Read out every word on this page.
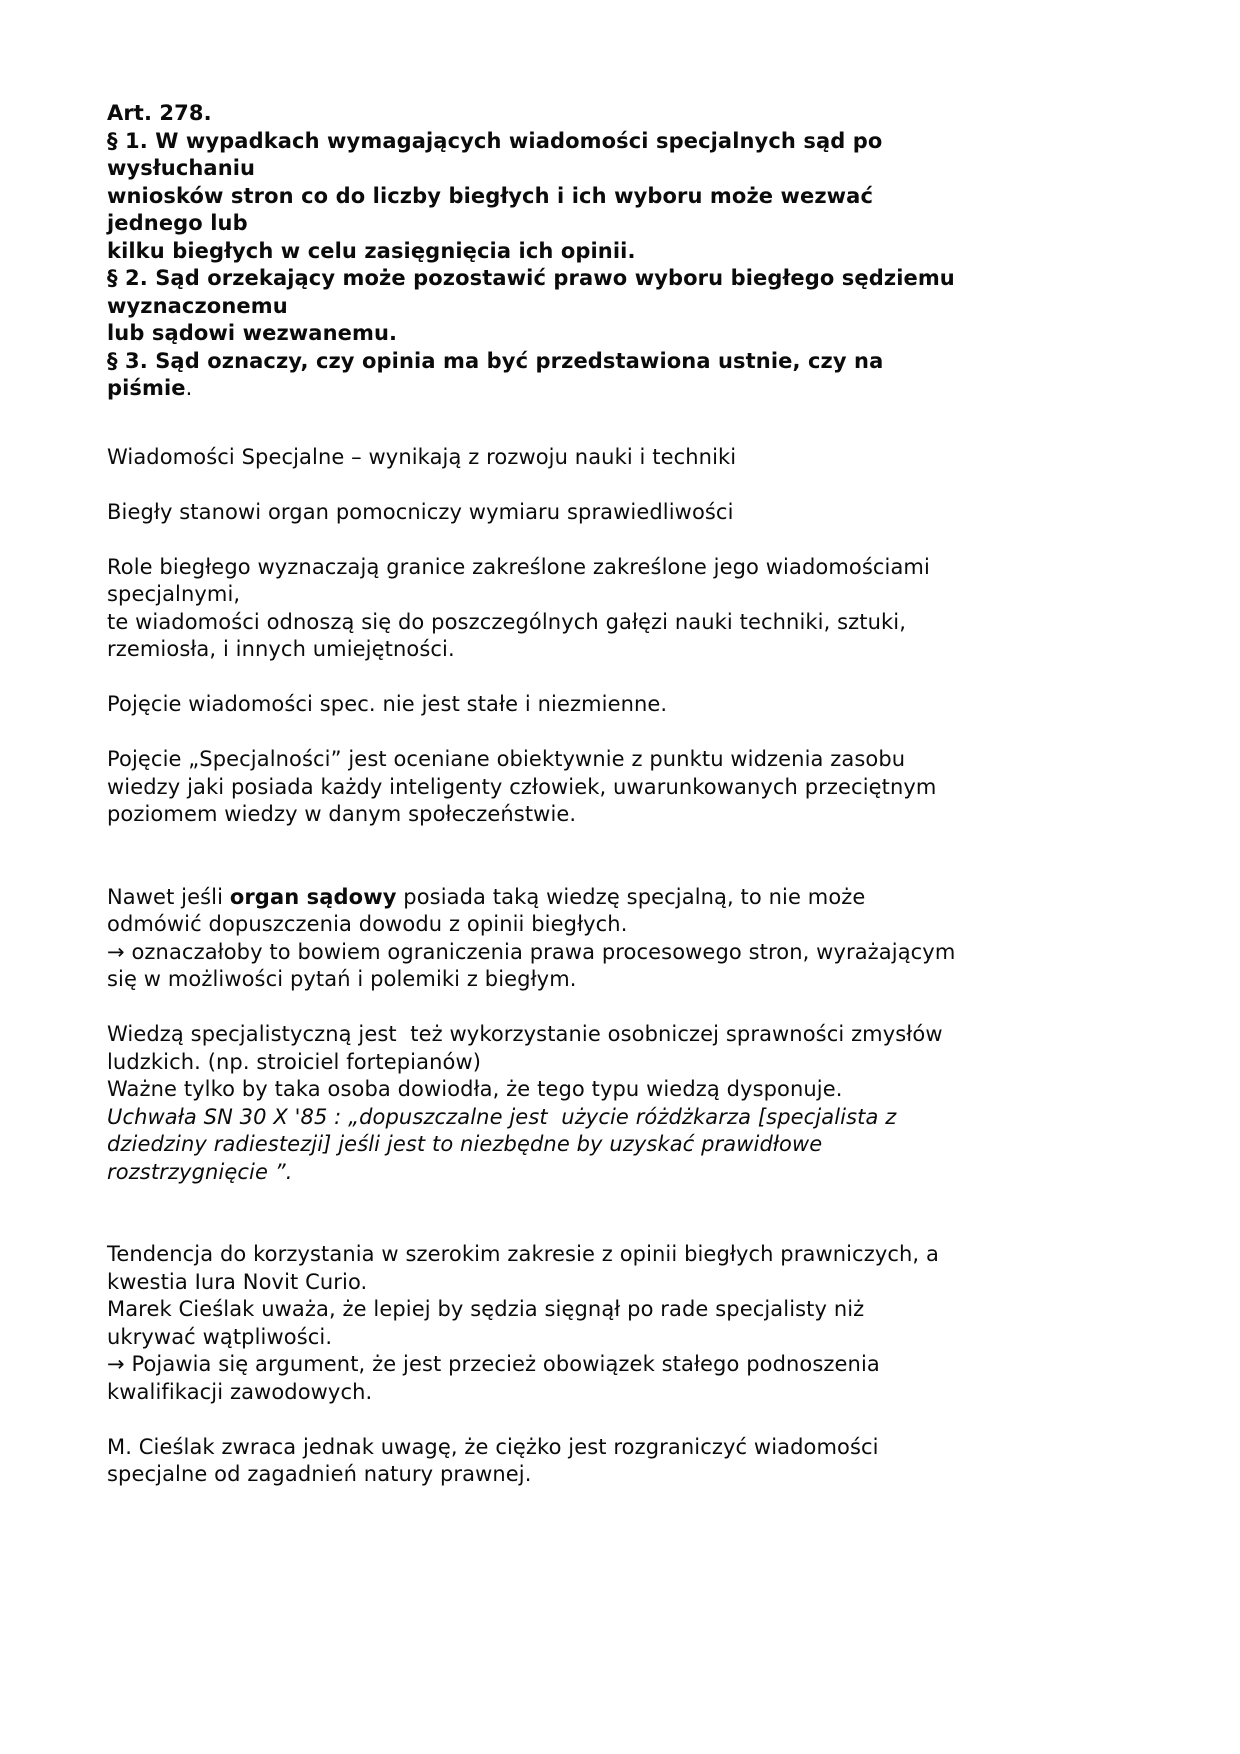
Art. 278.
§ 1. W wypadkach wymagających wiadomości specjalnych sąd po
wysłuchaniu
wniosków stron co do liczby biegłych i ich wyboru może wezwać
jednego lub
kilku biegłych w celu zasięgnięcia ich opinii.
§ 2. Sąd orzekający może pozostawić prawo wyboru biegłego sędziemu
wyznaczonemu
lub sądowi wezwanemu.
§ 3. Sąd oznaczy, czy opinia ma być przedstawiona ustnie, czy na
piśmie.
Wiadomości Specjalne – wynikają z rozwoju nauki i techniki
Biegły stanowi organ pomocniczy wymiaru sprawiedliwości
Role biegłego wyznaczają granice zakreślone zakreślone jego wiadomościami
specjalnymi,
te wiadomości odnoszą się do poszczególnych gałęzi nauki techniki, sztuki,
rzemiosła, i innych umiejętności.
Pojęcie wiadomości spec. nie jest stałe i niezmienne.
Pojęcie „Specjalności” jest oceniane obiektywnie z punktu widzenia zasobu
wiedzy jaki posiada każdy inteligenty człowiek, uwarunkowanych przeciętnym
poziomem wiedzy w danym społeczeństwie.
Nawet jeśli organ sądowy posiada taką wiedzę specjalną, to nie może
odmówić dopuszczenia dowodu z opinii biegłych.
→ oznaczałoby to bowiem ograniczenia prawa procesowego stron, wyrażającym
się w możliwości pytań i polemiki z biegłym.
Wiedzą specjalistyczną jest  też wykorzystanie osobniczej sprawności zmysłów
ludzkich. (np. stroiciel fortepianów)
Ważne tylko by taka osoba dowiodła, że tego typu wiedzą dysponuje.
Uchwała SN 30 X '85 : „dopuszczalne jest  użycie różdżkarza [specjalista z
dziedziny radiestezji] jeśli jest to niezbędne by uzyskać prawidłowe
rozstrzygnięcie ”.
Tendencja do korzystania w szerokim zakresie z opinii biegłych prawniczych, a
kwestia Iura Novit Curio.
Marek Cieślak uważa, że lepiej by sędzia sięgnął po rade specjalisty niż
ukrywać wątpliwości.
→ Pojawia się argument, że jest przecież obowiązek stałego podnoszenia
kwalifikacji zawodowych.
M. Cieślak zwraca jednak uwagę, że ciężko jest rozgraniczyć wiadomości
specjalne od zagadnień natury prawnej.
